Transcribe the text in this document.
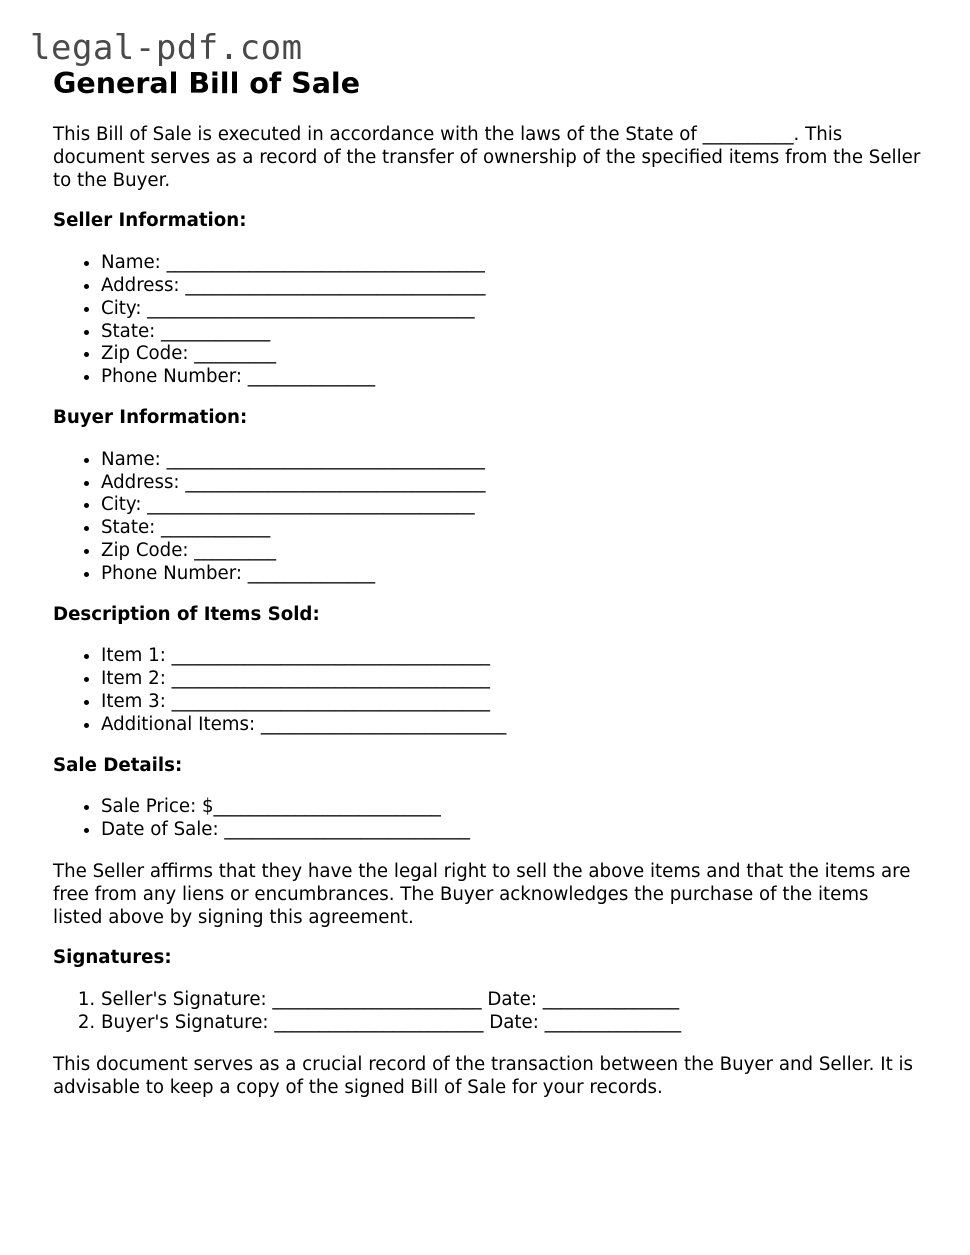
legal-pdf.com
General Bill of Sale

This Bill of Sale is executed in accordance with the laws of the State of __________. This document serves as a record of the transfer of ownership of the specified items from the Seller to the Buyer.

Seller Information:
• Name: ___________________________________
• Address: _________________________________
• City: ____________________________________
• State: ____________
• Zip Code: _________
• Phone Number: ______________
Buyer Information:
• Name: ___________________________________
• Address: _________________________________
• City: ____________________________________
• State: ____________
• Zip Code: _________
• Phone Number: ______________
Description of Items Sold:
• Item 1: ___________________________________
• Item 2: ___________________________________
• Item 3: ___________________________________
• Additional Items: ___________________________
Sale Details:
• Sale Price: $_________________________
• Date of Sale: ___________________________

The Seller affirms that they have the legal right to sell the above items and that the items are free from any liens or encumbrances. The Buyer acknowledges the purchase of the items listed above by signing this agreement.

Signatures:
1. Seller's Signature: _______________________ Date: _______________
2. Buyer's Signature: _______________________ Date: _______________

This document serves as a crucial record of the transaction between the Buyer and Seller. It is advisable to keep a copy of the signed Bill of Sale for your records.
